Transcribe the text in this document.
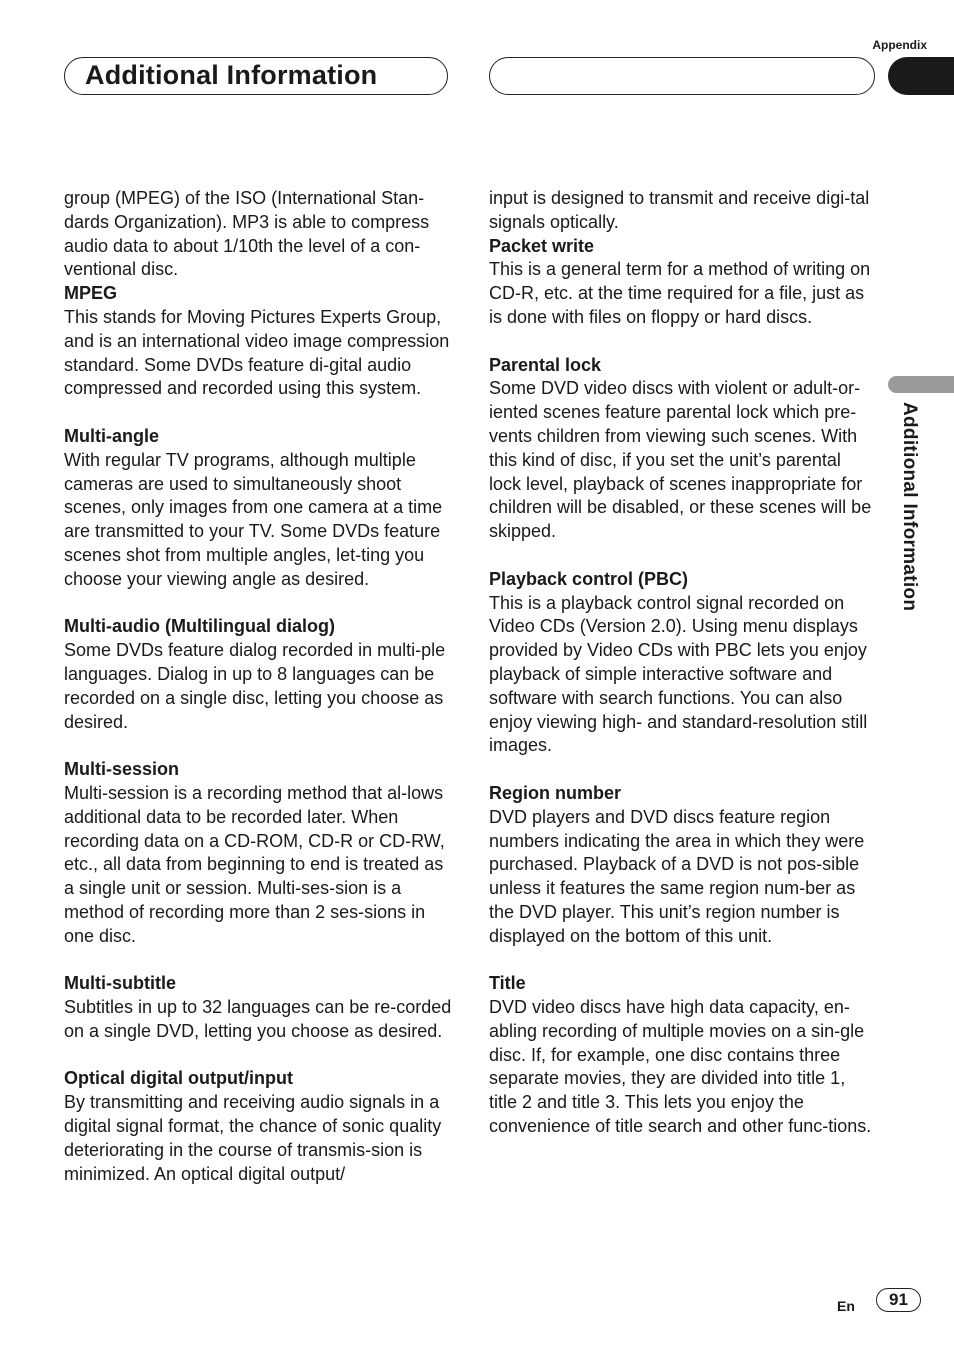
Appendix
Additional Information
Additional Information

group (MPEG) of the ISO (International Stan-dards Organization). MP3 is able to compress audio data to about 1/10th the level of a con-ventional disc.

MPEG

This stands for Moving Pictures Experts Group, and is an international video image compression standard. Some DVDs feature di-gital audio compressed and recorded using this system.

Multi-angle

With regular TV programs, although multiple cameras are used to simultaneously shoot scenes, only images from one camera at a time are transmitted to your TV. Some DVDs feature scenes shot from multiple angles, let-ting you choose your viewing angle as desired.

Multi-audio (Multilingual dialog)

Some DVDs feature dialog recorded in multi-ple languages. Dialog in up to 8 languages can be recorded on a single disc, letting you choose as desired.

Multi-session

Multi-session is a recording method that al-lows additional data to be recorded later. When recording data on a CD-ROM, CD-R or CD-RW, etc., all data from beginning to end is treated as a single unit or session. Multi-ses-sion is a method of recording more than 2 ses-sions in one disc.

Multi-subtitle

Subtitles in up to 32 languages can be re-corded on a single DVD, letting you choose as desired.

Optical digital output/input

By transmitting and receiving audio signals in a digital signal format, the chance of sonic quality deteriorating in the course of transmis-sion is minimized. An optical digital output/

input is designed to transmit and receive digi-tal signals optically.

Packet write

This is a general term for a method of writing on CD-R, etc. at the time required for a file, just as is done with files on floppy or hard discs.

Parental lock

Some DVD video discs with violent or adult-or-iented scenes feature parental lock which pre-vents children from viewing such scenes. With this kind of disc, if you set the unit’s parental lock level, playback of scenes inappropriate for children will be disabled, or these scenes will be skipped.

Playback control (PBC)

This is a playback control signal recorded on Video CDs (Version 2.0). Using menu displays provided by Video CDs with PBC lets you enjoy playback of simple interactive software and software with search functions. You can also enjoy viewing high- and standard-resolution still images.

Region number

DVD players and DVD discs feature region numbers indicating the area in which they were purchased. Playback of a DVD is not pos-sible unless it features the same region num-ber as the DVD player. This unit’s region number is displayed on the bottom of this unit.

Title

DVD video discs have high data capacity, en-abling recording of multiple movies on a sin-gle disc. If, for example, one disc contains three separate movies, they are divided into title 1, title 2 and title 3. This lets you enjoy the convenience of title search and other func-tions.

En	91
